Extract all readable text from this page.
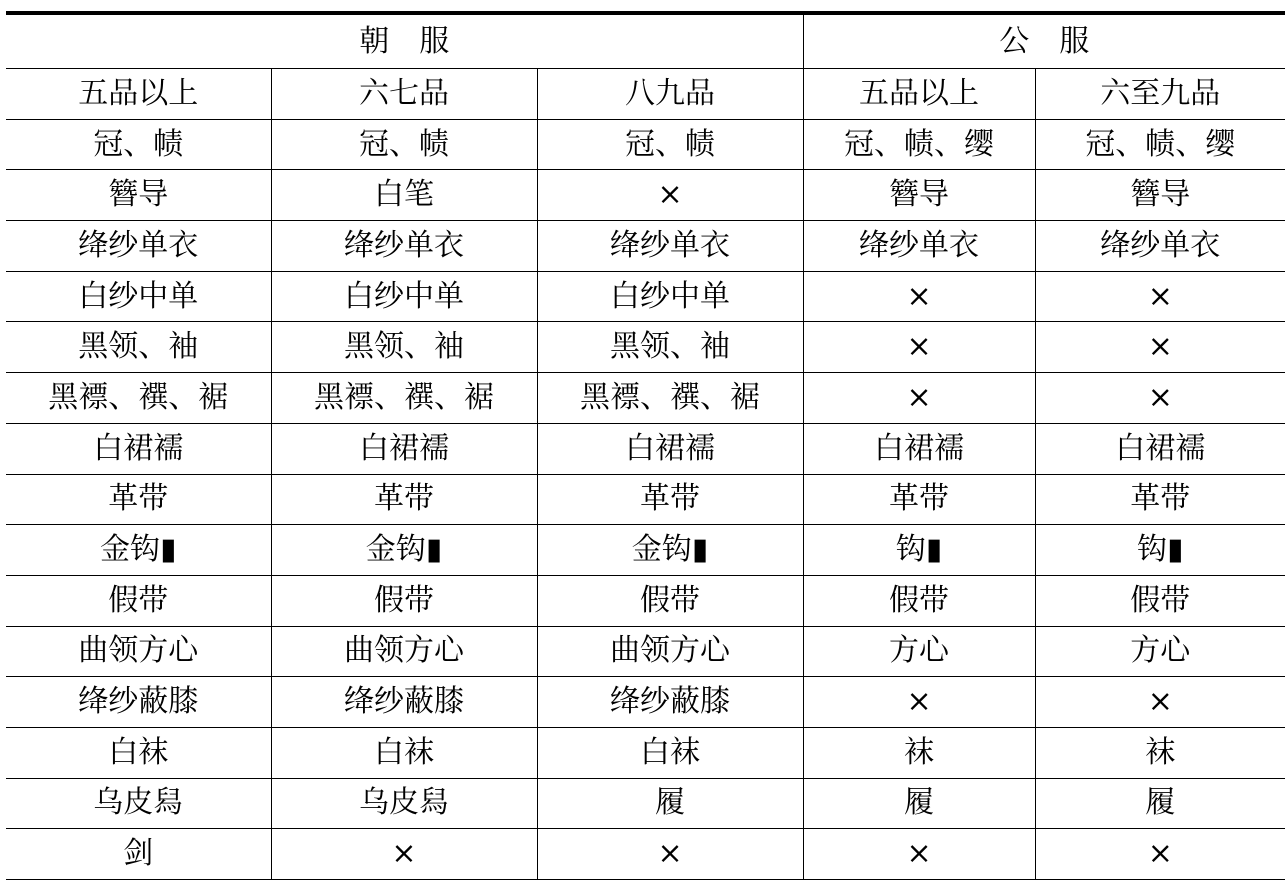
朝　服			公　服	
五品以上	六七品	八九品	五品以上	六至九品
冠、帻	冠、帻	冠、帻	冠、帻、缨	冠、帻、缨
簪导	白笔	×	簪导	簪导
绛纱单衣	绛纱单衣	绛纱单衣	绛纱单衣	绛纱单衣
白纱中单	白纱中单	白纱中单	×	×
黑领、袖	黑领、袖	黑领、袖	×	×
黑褾、襈、裾	黑褾、襈、裾	黑褾、襈、裾	×	×
白裙襦	白裙襦	白裙襦	白裙襦	白裙襦
革带	革带	革带	革带	革带
金钩▮	金钩▮	金钩▮	钩▮	钩▮
假带	假带	假带	假带	假带
曲领方心	曲领方心	曲领方心	方心	方心
绛纱蔽膝	绛纱蔽膝	绛纱蔽膝	×	×
白袜	白袜	白袜	袜	袜
乌皮舄	乌皮舄	履	履	履
剑	×	×	×	×
